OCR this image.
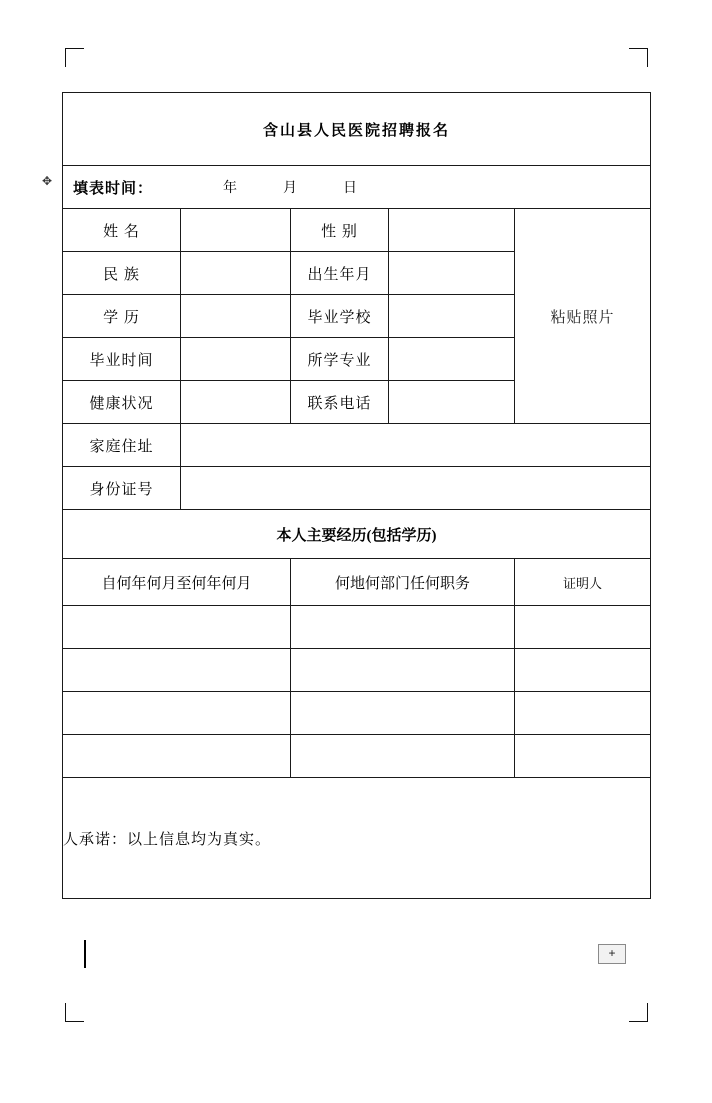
✥
含山县人民医院招聘报名				

填表时间： 年 月 日				

姓 名		性 别		粘贴照片
民 族		出生年月		
学 历		毕业学校		
毕业时间		所学专业		
健康状况		联系电话		
家庭住址				
身份证号				
本人主要经历(包括学历)				
自何年何月至何年何月		何地何部门任何职务		证明人

人承诺：以上信息均为真实。				
+
